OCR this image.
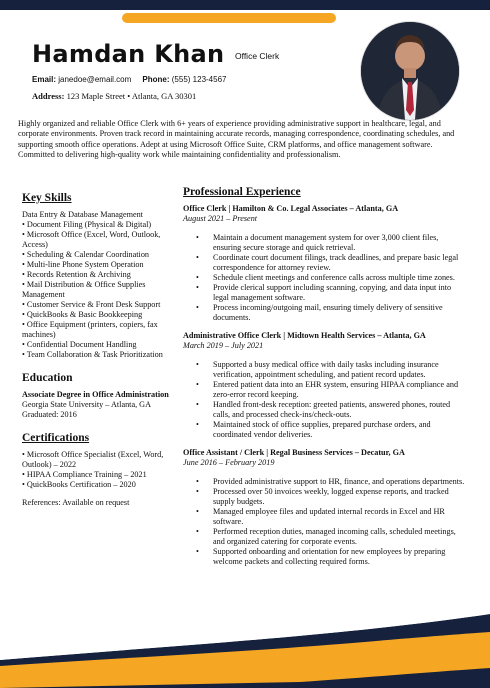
Hamdan Khan Office Clerk
Email: janedoe@email.com Phone: (555) 123-4567
Address: 123 Maple Street • Atlanta, GA 30301
Highly organized and reliable Office Clerk with 6+ years of experience providing administrative support in healthcare, legal, and corporate environments. Proven track record in maintaining accurate records, managing correspondence, coordinating schedules, and supporting smooth office operations. Adept at using Microsoft Office Suite, CRM platforms, and office management software. Committed to delivering high-quality work while maintaining confidentiality and professionalism.
Key Skills
Data Entry & Database Management
• Document Filing (Physical & Digital)
• Microsoft Office (Excel, Word, Outlook, Access)
• Scheduling & Calendar Coordination
• Multi-line Phone System Operation
• Records Retention & Archiving
• Mail Distribution & Office Supplies Management
• Customer Service & Front Desk Support
• QuickBooks & Basic Bookkeeping
• Office Equipment (printers, copiers, fax machines)
• Confidential Document Handling
• Team Collaboration & Task Prioritization
Education
Associate Degree in Office Administration
Georgia State University – Atlanta, GA
Graduated: 2016
Certifications
• Microsoft Office Specialist (Excel, Word, Outlook) – 2022
• HIPAA Compliance Training – 2021
• QuickBooks Certification – 2020
References: Available on request
Professional Experience
Office Clerk | Hamilton & Co. Legal Associates – Atlanta, GA
August 2021 – Present
• Maintain a document management system for over 3,000 client files, ensuring secure storage and quick retrieval.
• Coordinate court document filings, track deadlines, and prepare basic legal correspondence for attorney review.
• Schedule client meetings and conference calls across multiple time zones.
• Provide clerical support including scanning, copying, and data input into legal management software.
• Process incoming/outgoing mail, ensuring timely delivery of sensitive documents.
Administrative Office Clerk | Midtown Health Services – Atlanta, GA
March 2019 – July 2021
• Supported a busy medical office with daily tasks including insurance verification, appointment scheduling, and patient record updates.
• Entered patient data into an EHR system, ensuring HIPAA compliance and zero-error record keeping.
• Handled front-desk reception: greeted patients, answered phones, routed calls, and processed check-ins/check-outs.
• Maintained stock of office supplies, prepared purchase orders, and coordinated vendor deliveries.
Office Assistant / Clerk | Regal Business Services – Decatur, GA
June 2016 – February 2019
• Provided administrative support to HR, finance, and operations departments.
• Processed over 50 invoices weekly, logged expense reports, and tracked supply budgets.
• Managed employee files and updated internal records in Excel and HR software.
• Performed reception duties, managed incoming calls, scheduled meetings, and organized catering for corporate events.
• Supported onboarding and orientation for new employees by preparing welcome packets and collecting required forms.
